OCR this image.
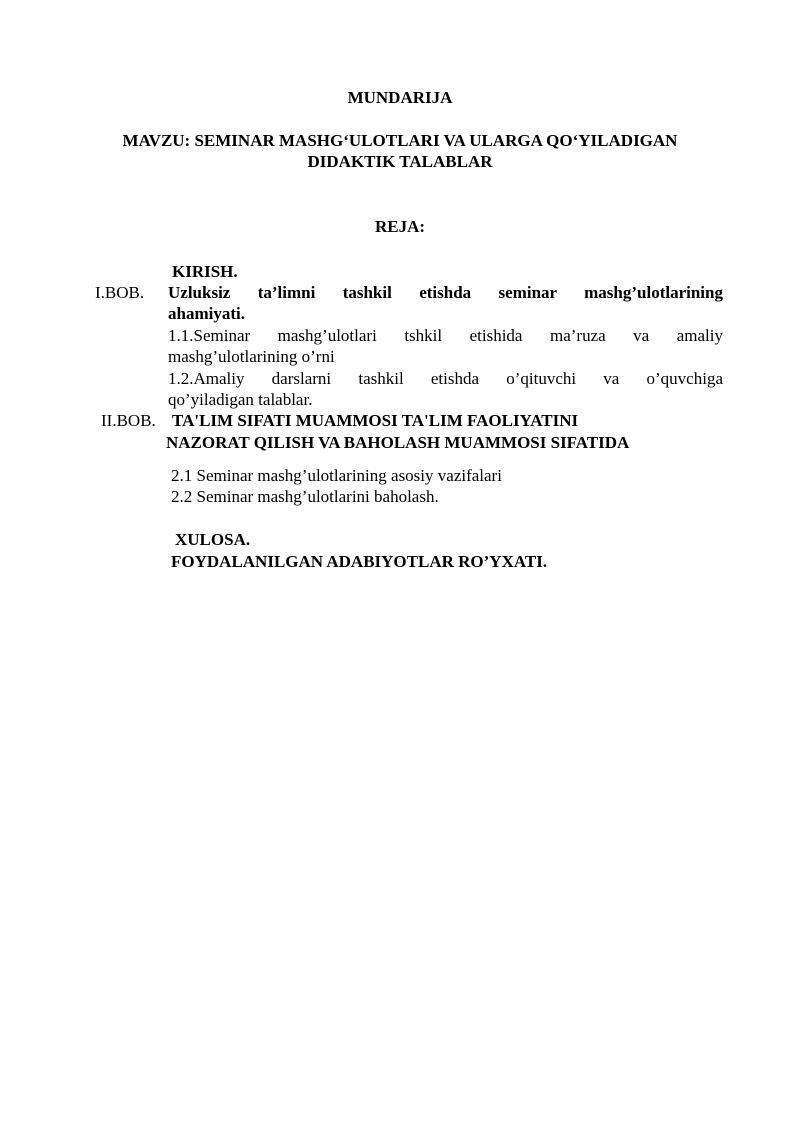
MUNDARIJA
MAVZU: SEMINAR MASHG‘ULOTLARI VA ULARGA QO‘YILADIGAN
DIDAKTIK TALABLAR
REJA:
KIRISH.
I.BOB. Uzluksiz ta’limni tashkil etishda seminar mashg’ulotlarining
ahamiyati.
1.1.Seminar mashg’ulotlari tshkil etishida ma’ruza va amaliy
mashg’ulotlarining o’rni
1.2.Amaliy darslarni tashkil etishda o’qituvchi va o’quvchiga
qo’yiladigan talablar.
II.BOB. TA'LIM SIFATI MUAMMOSI TA'LIM FAOLIYATINI
NAZORAT QILISH VA BAHOLASH MUAMMOSI SIFATIDA
2.1 Seminar mashg’ulotlarining asosiy vazifalari
2.2 Seminar mashg’ulotlarini baholash.
XULOSA.
FOYDALANILGAN ADABIYOTLAR RO’YXATI.
